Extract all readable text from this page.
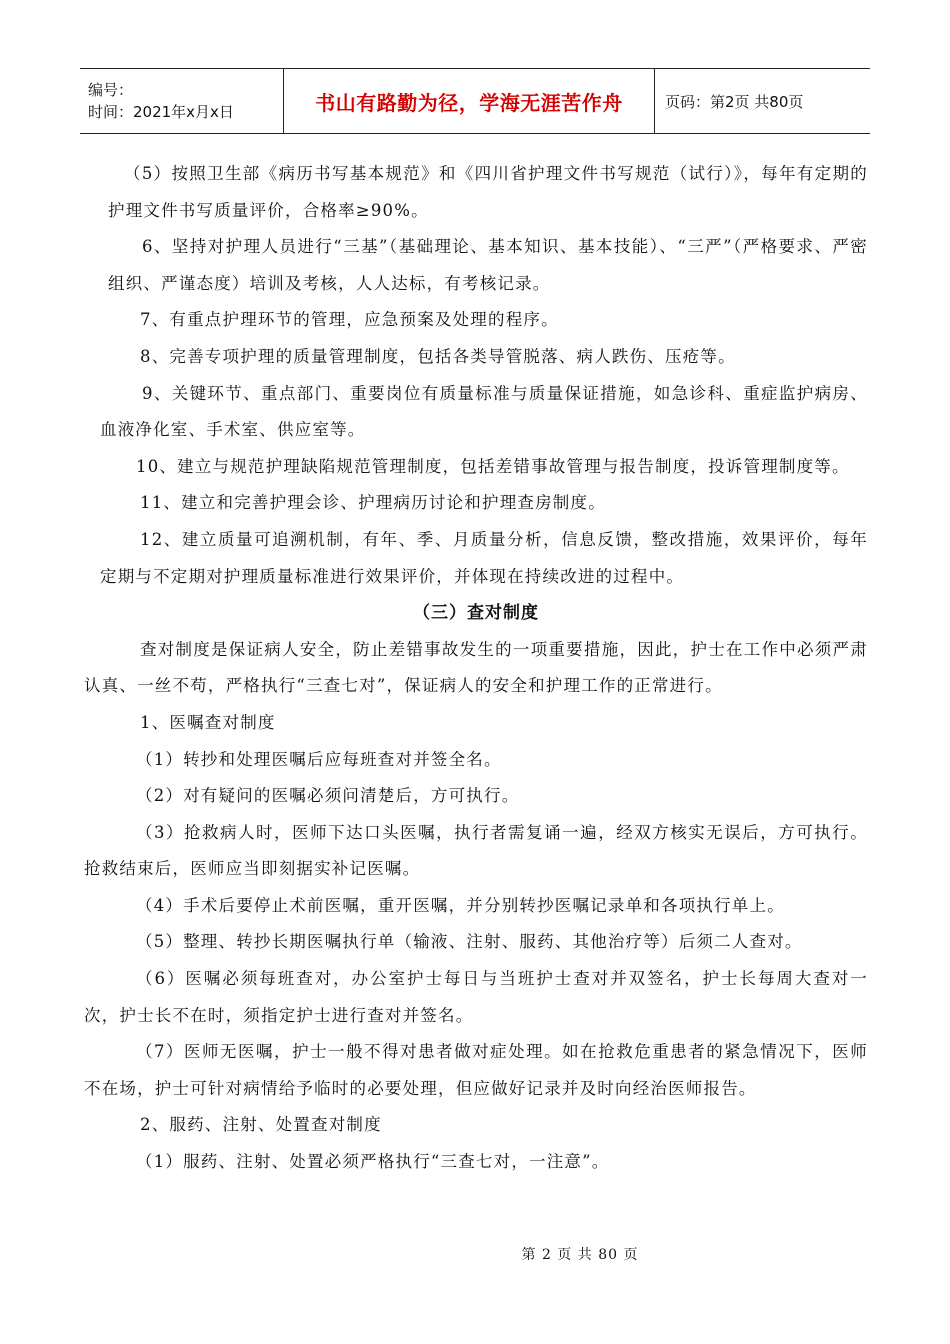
编号：
时间：2021年x月x日	书山有路勤为径，学海无涯苦作舟	页码：第2页 共80页

（5）按照卫生部《病历书写基本规范》和《四川省护理文件书写规范（试行）》，每年有定期的护理文件书写质量评价，合格率≥90%。

6、坚持对护理人员进行“三基”（基础理论、基本知识、基本技能）、“三严”（严格要求、严密组织、严谨态度）培训及考核，人人达标，有考核记录。

7、有重点护理环节的管理，应急预案及处理的程序。

8、完善专项护理的质量管理制度，包括各类导管脱落、病人跌伤、压疮等。

9、关键环节、重点部门、重要岗位有质量标准与质量保证措施，如急诊科、重症监护病房、血液净化室、手术室、供应室等。

10、建立与规范护理缺陷规范管理制度，包括差错事故管理与报告制度，投诉管理制度等。

11、建立和完善护理会诊、护理病历讨论和护理查房制度。

12、建立质量可追溯机制，有年、季、月质量分析，信息反馈，整改措施，效果评价，每年定期与不定期对护理质量标准进行效果评价，并体现在持续改进的过程中。

（三）查对制度

查对制度是保证病人安全，防止差错事故发生的一项重要措施，因此，护士在工作中必须严肃认真、一丝不苟，严格执行“三查七对”，保证病人的安全和护理工作的正常进行。

1、医嘱查对制度

（1）转抄和处理医嘱后应每班查对并签全名。

（2）对有疑问的医嘱必须问清楚后，方可执行。

（3）抢救病人时，医师下达口头医嘱，执行者需复诵一遍，经双方核实无误后，方可执行。抢救结束后，医师应当即刻据实补记医嘱。

（4）手术后要停止术前医嘱，重开医嘱，并分别转抄医嘱记录单和各项执行单上。

（5）整理、转抄长期医嘱执行单（输液、注射、服药、其他治疗等）后须二人查对。

（6）医嘱必须每班查对，办公室护士每日与当班护士查对并双签名，护士长每周大查对一次，护士长不在时，须指定护士进行查对并签名。

（7）医师无医嘱，护士一般不得对患者做对症处理。如在抢救危重患者的紧急情况下，医师不在场，护士可针对病情给予临时的必要处理，但应做好记录并及时向经治医师报告。

2、服药、注射、处置查对制度

（1）服药、注射、处置必须严格执行“三查七对，一注意”。

第 2 页 共 80 页
